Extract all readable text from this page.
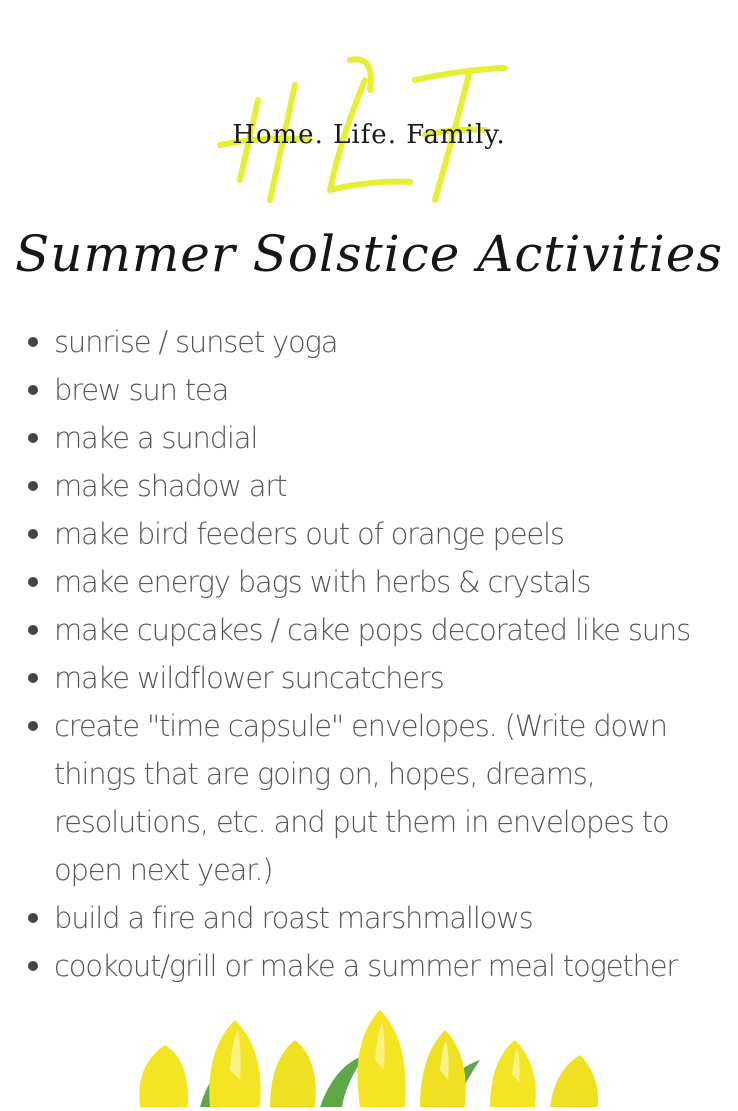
Home. Life. Family.
Summer Solstice Activities
sunrise / sunset yoga
brew sun tea
make a sundial
make shadow art
make bird feeders out of orange peels
make energy bags with herbs & crystals
make cupcakes / cake pops decorated like suns
make wildflower suncatchers
create "time capsule" envelopes. (Write down things that are going on, hopes, dreams, resolutions, etc. and put them in envelopes to open next year.)
build a fire and roast marshmallows
cookout/grill or make a summer meal together
